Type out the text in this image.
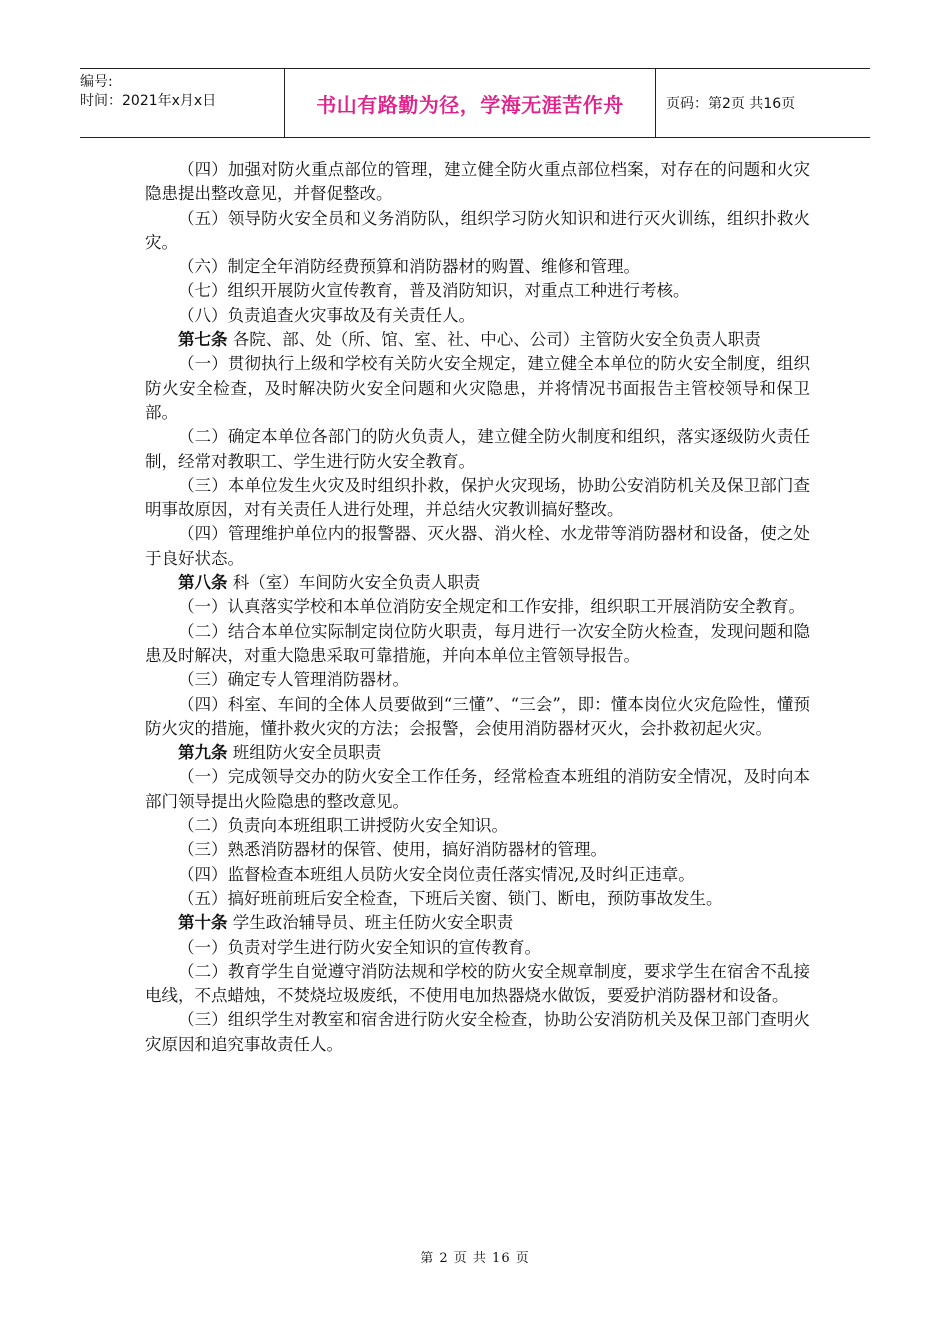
编号:
时间：2021年x月x日	书山有路勤为径，学海无涯苦作舟	页码：第2页 共16页

（四）加强对防火重点部位的管理，建立健全防火重点部位档案，对存在的问题和火灾隐患提出整改意见，并督促整改。

（五）领导防火安全员和义务消防队，组织学习防火知识和进行灭火训练，组织扑救火灾。

（六）制定全年消防经费预算和消防器材的购置、维修和管理。

（七）组织开展防火宣传教育，普及消防知识，对重点工种进行考核。

（八）负责追查火灾事故及有关责任人。

第七条 各院、部、处（所、馆、室、社、中心、公司）主管防火安全负责人职责

（一）贯彻执行上级和学校有关防火安全规定，建立健全本单位的防火安全制度，组织防火安全检查，及时解决防火安全问题和火灾隐患，并将情况书面报告主管校领导和保卫部。

（二）确定本单位各部门的防火负责人，建立健全防火制度和组织，落实逐级防火责任制，经常对教职工、学生进行防火安全教育。

（三）本单位发生火灾及时组织扑救，保护火灾现场，协助公安消防机关及保卫部门查明事故原因，对有关责任人进行处理，并总结火灾教训搞好整改。

（四）管理维护单位内的报警器、灭火器、消火栓、水龙带等消防器材和设备，使之处于良好状态。

第八条 科（室）车间防火安全负责人职责

（一）认真落实学校和本单位消防安全规定和工作安排，组织职工开展消防安全教育。

（二）结合本单位实际制定岗位防火职责，每月进行一次安全防火检查，发现问题和隐患及时解决，对重大隐患采取可靠措施，并向本单位主管领导报告。

（三）确定专人管理消防器材。

（四）科室、车间的全体人员要做到“三懂”、“三会”，即：懂本岗位火灾危险性，懂预防火灾的措施，懂扑救火灾的方法；会报警，会使用消防器材灭火，会扑救初起火灾。

第九条 班组防火安全员职责

（一）完成领导交办的防火安全工作任务，经常检查本班组的消防安全情况，及时向本部门领导提出火险隐患的整改意见。

（二）负责向本班组职工讲授防火安全知识。

（三）熟悉消防器材的保管、使用，搞好消防器材的管理。

（四）监督检查本班组人员防火安全岗位责任落实情况,及时纠正违章。

（五）搞好班前班后安全检查，下班后关窗、锁门、断电，预防事故发生。

第十条 学生政治辅导员、班主任防火安全职责

（一）负责对学生进行防火安全知识的宣传教育。

（二）教育学生自觉遵守消防法规和学校的防火安全规章制度，要求学生在宿舍不乱接电线，不点蜡烛，不焚烧垃圾废纸，不使用电加热器烧水做饭，要爱护消防器材和设备。

（三）组织学生对教室和宿舍进行防火安全检查，协助公安消防机关及保卫部门查明火灾原因和追究事故责任人。

第 2 页 共 16 页
